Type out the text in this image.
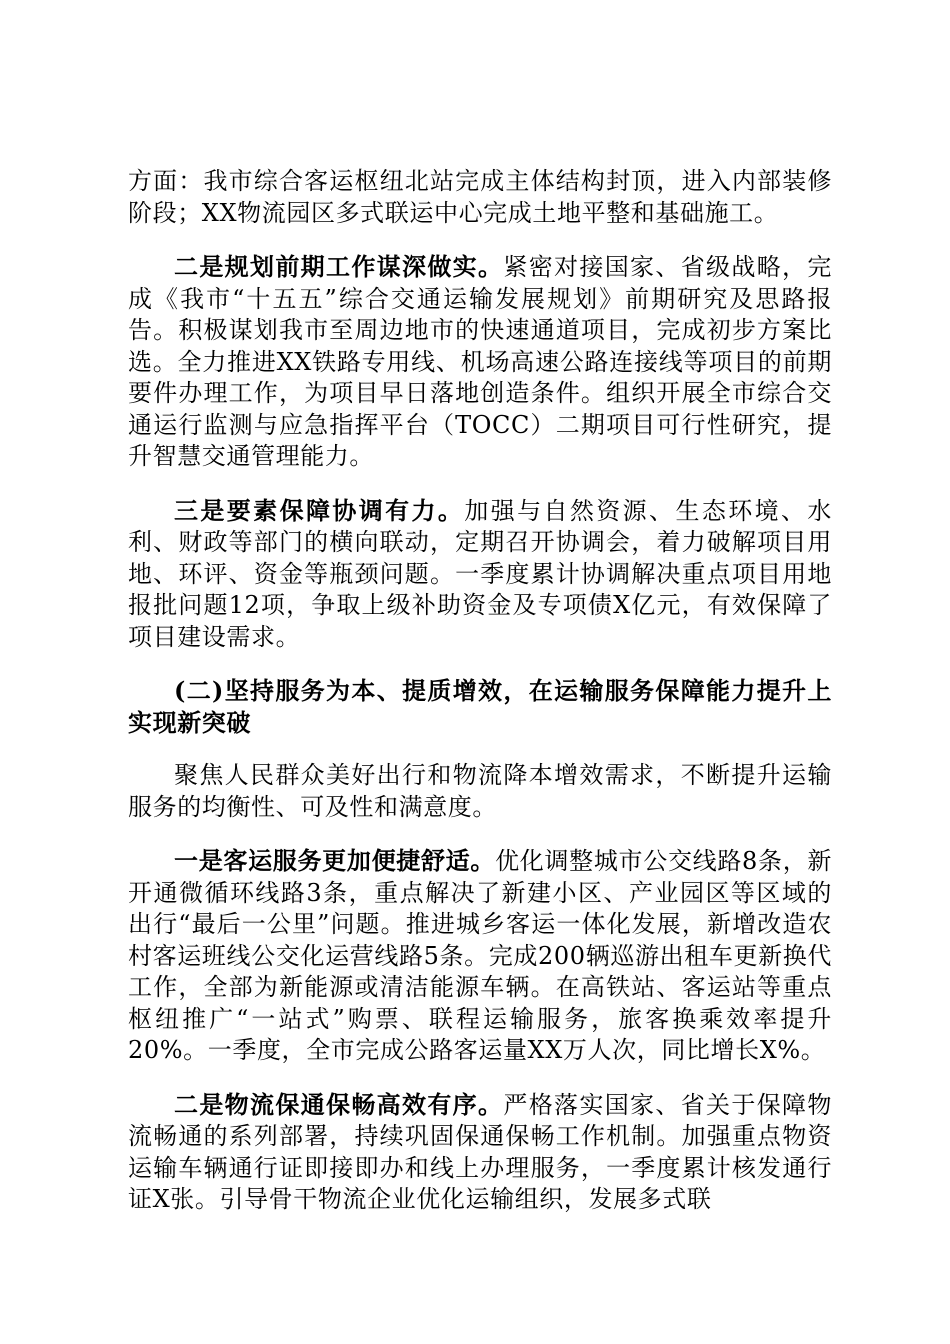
方面：我市综合客运枢纽北站完成主体结构封顶，进入内部装修阶段；XX物流园区多式联运中心完成土地平整和基础施工。

二是规划前期工作谋深做实。紧密对接国家、省级战略，完成《我市“十五五”综合交通运输发展规划》前期研究及思路报告。积极谋划我市至周边地市的快速通道项目，完成初步方案比选。全力推进XX铁路专用线、机场高速公路连接线等项目的前期要件办理工作，为项目早日落地创造条件。组织开展全市综合交通运行监测与应急指挥平台（TOCC）二期项目可行性研究，提升智慧交通管理能力。

三是要素保障协调有力。加强与自然资源、生态环境、水利、财政等部门的横向联动，定期召开协调会，着力破解项目用地、环评、资金等瓶颈问题。一季度累计协调解决重点项目用地报批问题12项，争取上级补助资金及专项债X亿元，有效保障了项目建设需求。

(二)坚持服务为本、提质增效，在运输服务保障能力提升上实现新突破

聚焦人民群众美好出行和物流降本增效需求，不断提升运输服务的均衡性、可及性和满意度。

一是客运服务更加便捷舒适。优化调整城市公交线路8条，新开通微循环线路3条，重点解决了新建小区、产业园区等区域的出行“最后一公里”问题。推进城乡客运一体化发展，新增改造农村客运班线公交化运营线路5条。完成200辆巡游出租车更新换代工作，全部为新能源或清洁能源车辆。在高铁站、客运站等重点枢纽推广“一站式”购票、联程运输服务，旅客换乘效率提升20%。一季度，全市完成公路客运量XX万人次，同比增长X%。

二是物流保通保畅高效有序。严格落实国家、省关于保障物流畅通的系列部署，持续巩固保通保畅工作机制。加强重点物资运输车辆通行证即接即办和线上办理服务，一季度累计核发通行证X张。引导骨干物流企业优化运输组织，发展多式联
